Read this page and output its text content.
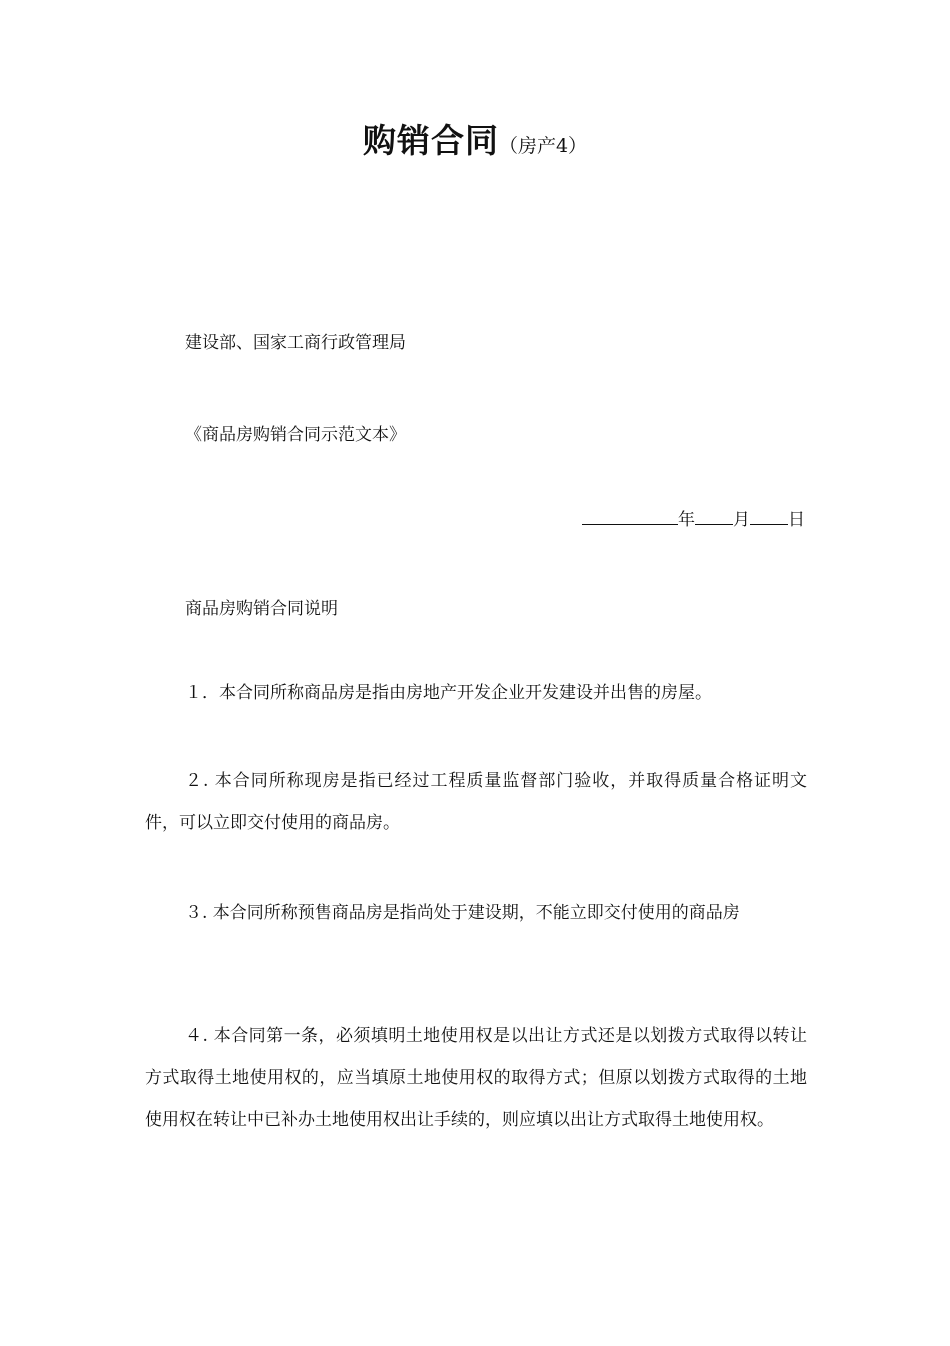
购销合同（房产4）
建设部、国家工商行政管理局
《商品房购销合同示范文本》
年 月 日
商品房购销合同说明
１．本合同所称商品房是指由房地产开发企业开发建设并出售的房屋。
２. 本合同所称现房是指已经过工程质量监督部门验收，并取得质量合格证明文件，可以立即交付使用的商品房。
３. 本合同所称预售商品房是指尚处于建设期，不能立即交付使用的商品房
４. 本合同第一条，必须填明土地使用权是以出让方式还是以划拨方式取得以转让方式取得土地使用权的，应当填原土地使用权的取得方式；但原以划拨方式取得的土地使用权在转让中已补办土地使用权出让手续的，则应填以出让方式取得土地使用权。
